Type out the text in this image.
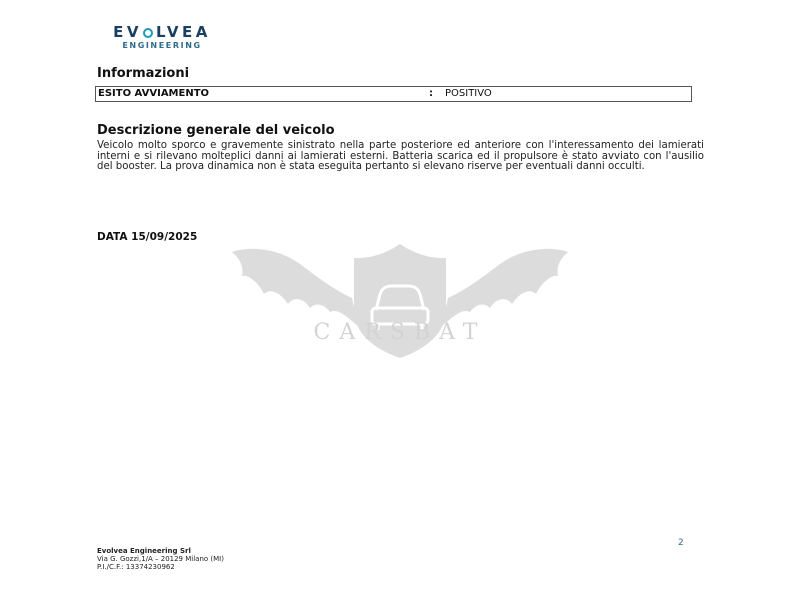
EV LVEA
ENGINEERING
Informazioni
ESITO AVVIAMENTO	: POSITIVO
Descrizione generale del veicolo
Veicolo molto sporco e gravemente sinistrato nella parte posteriore ed anteriore con l'interessamento dei lamierati interni e si rilevano molteplici danni ai lamierati esterni. Batteria scarica ed il propulsore è stato avviato con l'ausilio del booster. La prova dinamica non è stata eseguita pertanto si elevano riserve per eventuali danni occulti.
DATA 15/09/2025
CARSBAT
Evolvea Engineering Srl
Via G. Gozzi,1/A – 20129 Milano (MI)
P.I./C.F.: 13374230962
2
